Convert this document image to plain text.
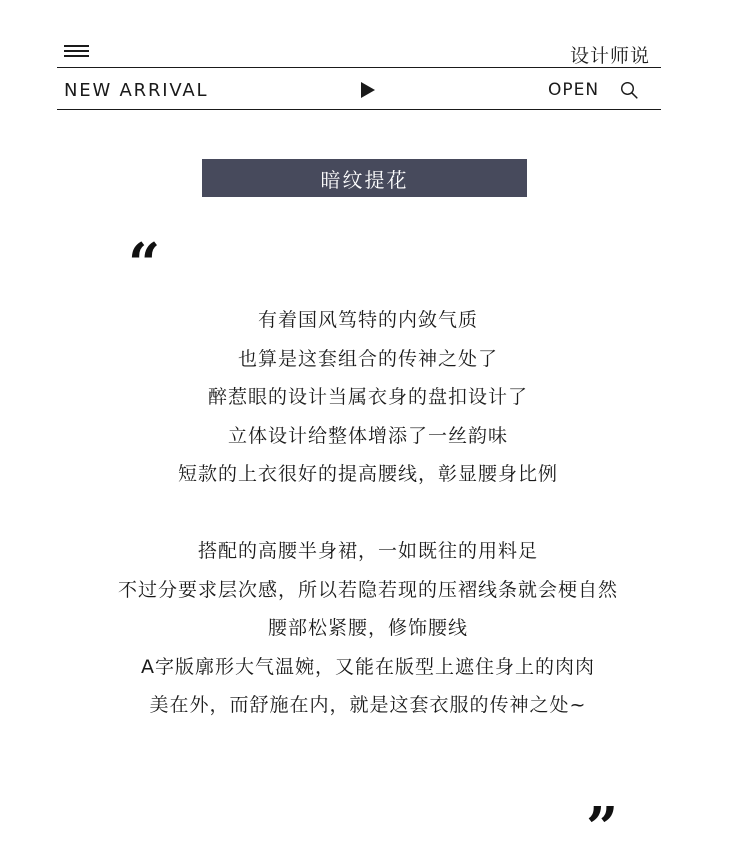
设计师说
NEW ARRIVAL	OPEN
暗纹提花
“
有着国风笃特的内敛气质
也算是这套组合的传神之处了
醉惹眼的设计当属衣身的盘扣设计了
立体设计给整体增添了一丝韵味
短款的上衣很好的提高腰线，彰显腰身比例
搭配的高腰半身裙，一如既往的用料足
不过分要求层次感，所以若隐若现的压褶线条就会梗自然
腰部松紧腰，修饰腰线
A字版廓形大气温婉，又能在版型上遮住身上的肉肉
美在外，而舒施在内，就是这套衣服的传神之处~
”
